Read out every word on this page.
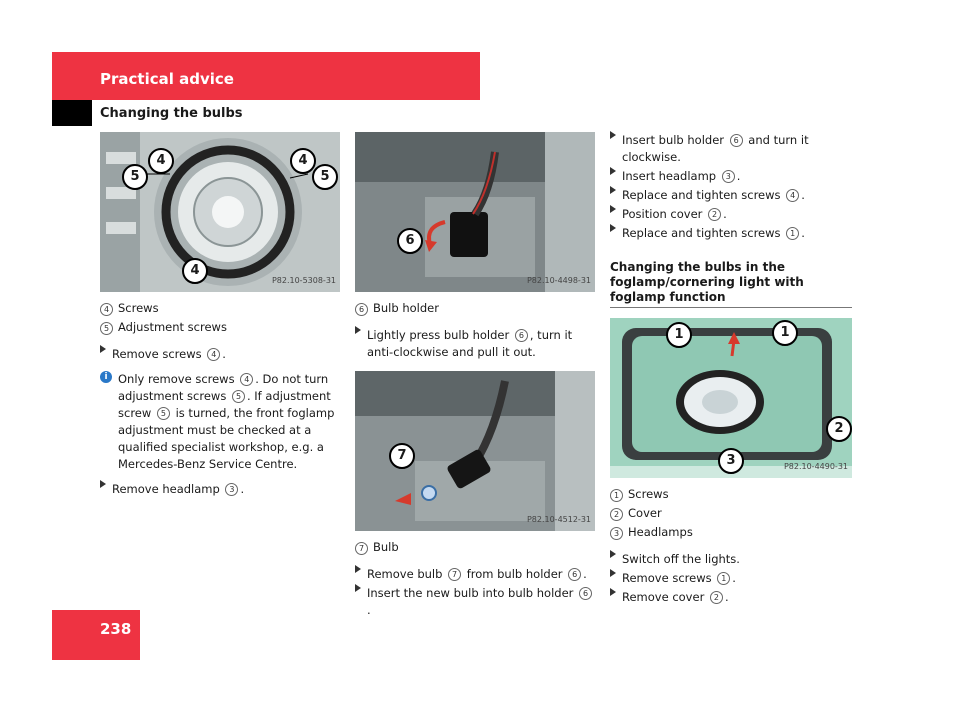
Practical advice
Changing the bulbs
4
5
4
5
4
P82.10-5308-31
4 Screws
5 Adjustment screws

Remove screws 4 .

i Only remove screws 4 . Do not turn adjustment screws 5 . If adjustment screw 5 is turned, the front foglamp adjustment must be checked at a qualified specialist workshop, e.g. a Mercedes-Benz Service Centre.

Remove headlamp 3 .

6
P82.10-4498-31
6 Bulb holder

Lightly press bulb holder 6 , turn it anti-clockwise and pull it out.

7
P82.10-4512-31
7 Bulb

Remove bulb 7 from bulb holder 6 .

Insert the new bulb into bulb holder 6.

Insert bulb holder 6 and turn it clockwise.

Insert headlamp 3 .

Replace and tighten screws 4 .

Position cover 2 .

Replace and tighten screws 1 .

Changing the bulbs in the foglamp/cornering light with foglamp function
1	1
2
3	P82.10-4490-31
1 Screws
2 Cover
3 Headlamps

Switch off the lights.

Remove screws 1 .

Remove cover 2 .

238
